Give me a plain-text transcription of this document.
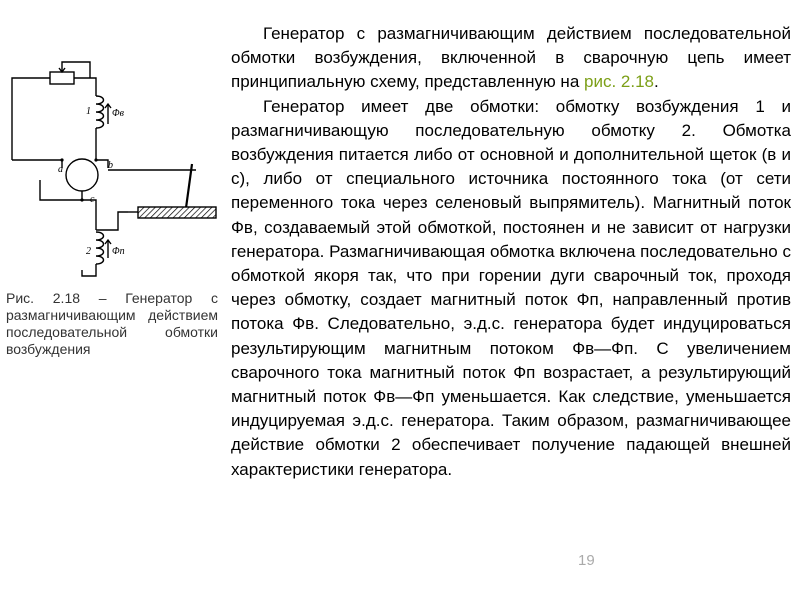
1 Φв
а	b
c
2 Φп

Рис. 2.18 – Генератор с размагничивающим действием последовательной обмотки возбуждения

Генератор с размагничивающим действием последовательной обмотки возбуждения, включенной в сварочную цепь имеет принципиальную схему, представленную на рис. 2.18.

Генератор имеет две обмотки: обмотку возбуждения 1 и размагничивающую последовательную обмотку 2. Обмотка возбуждения питается либо от основной и дополнительной щеток (в и с), либо от специального источника постоянного тока (от сети переменного тока через селеновый выпрямитель). Магнитный поток Фв, создаваемый этой обмоткой, постоянен и не зависит от нагрузки генератора. Размагничивающая обмотка включена последовательно с обмоткой якоря так, что при горении дуги сварочный ток, проходя через обмотку, создает магнитный поток Фп, направленный против потока Фв. Следовательно, э.д.с. генератора будет индуцироваться результирующим магнитным потоком Фв—Фп. С увеличением сварочного тока магнитный поток Фп возрастает, а результирующий магнитный поток Фв—Фп уменьшается. Как следствие, уменьшается индуцируемая э.д.с. генератора. Таким образом, размагничивающее действие обмотки 2 обеспечивает получение падающей внешней характеристики генератора.

19
